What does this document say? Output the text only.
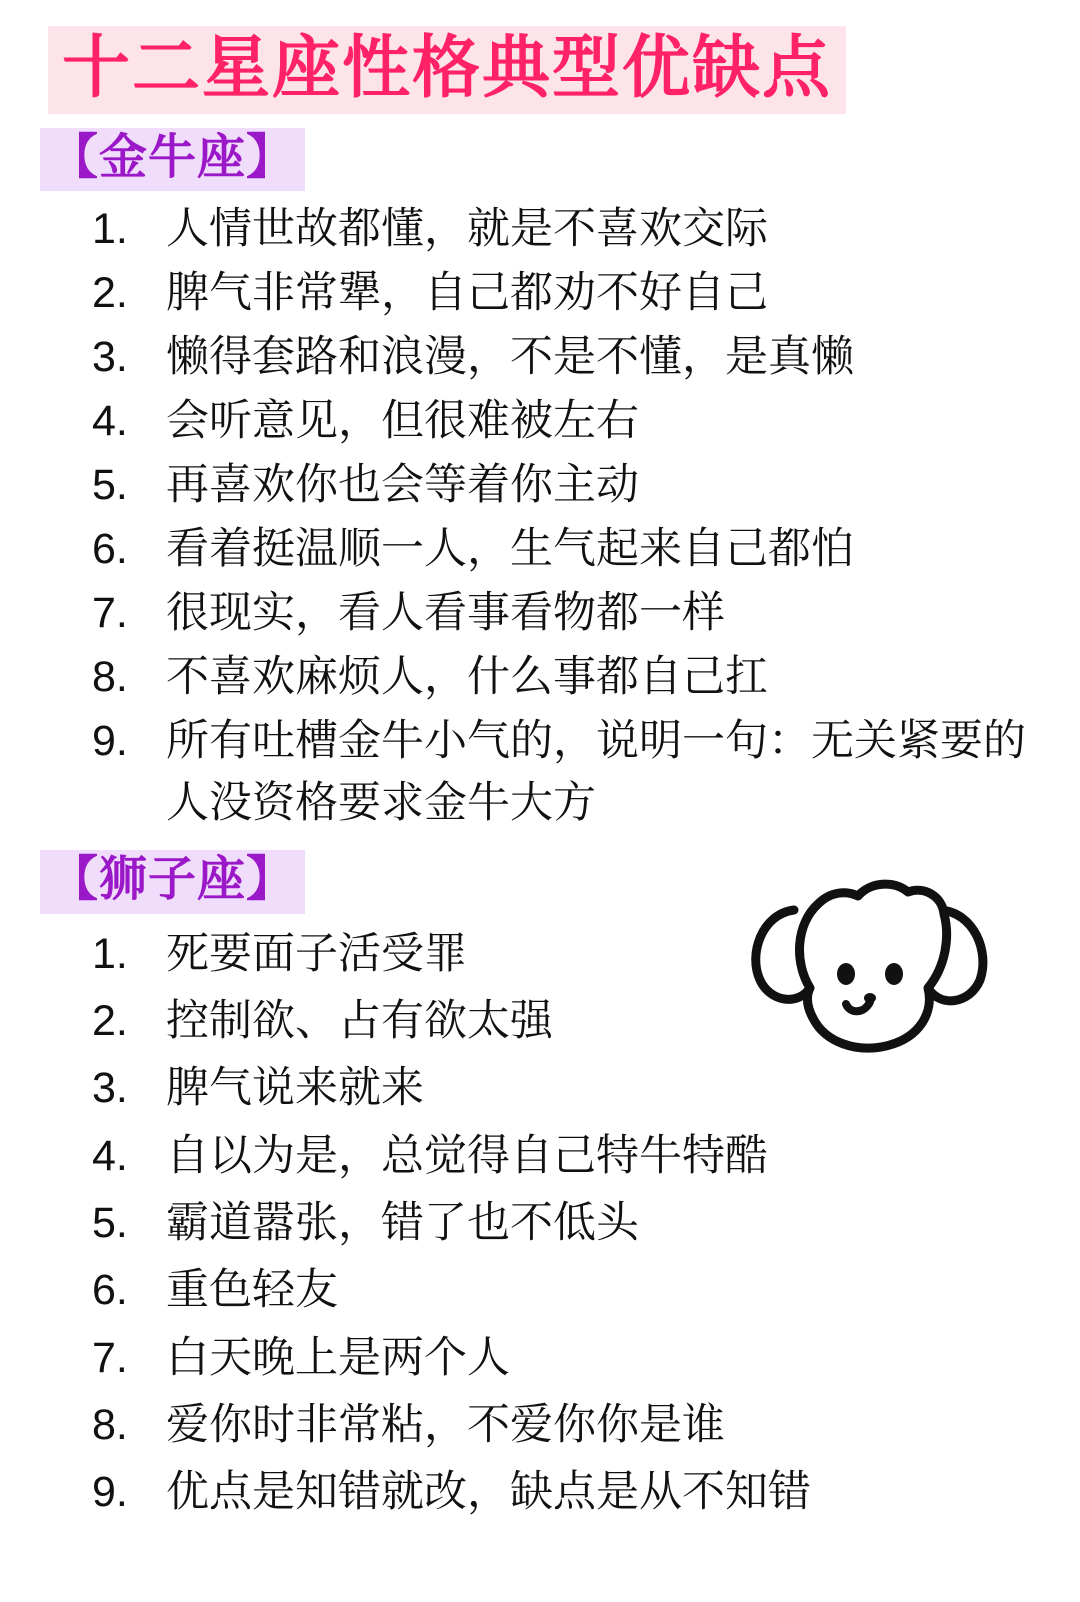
十二星座性格典型优缺点
【金牛座】
1. 人情世故都懂，就是不喜欢交际
2. 脾气非常犟，自己都劝不好自己
3. 懒得套路和浪漫，不是不懂，是真懒
4. 会听意见，但很难被左右
5. 再喜欢你也会等着你主动
6. 看着挺温顺一人，生气起来自己都怕
7. 很现实，看人看事看物都一样
8. 不喜欢麻烦人，什么事都自己扛
9. 所有吐槽金牛小气的，说明一句：无关紧要的人没资格要求金牛大方
【狮子座】
1. 死要面子活受罪
2. 控制欲、占有欲太强
3. 脾气说来就来
4. 自以为是，总觉得自己特牛特酷
5. 霸道嚣张，错了也不低头
6. 重色轻友
7. 白天晚上是两个人
8. 爱你时非常粘，不爱你你是谁
9. 优点是知错就改，缺点是从不知错
